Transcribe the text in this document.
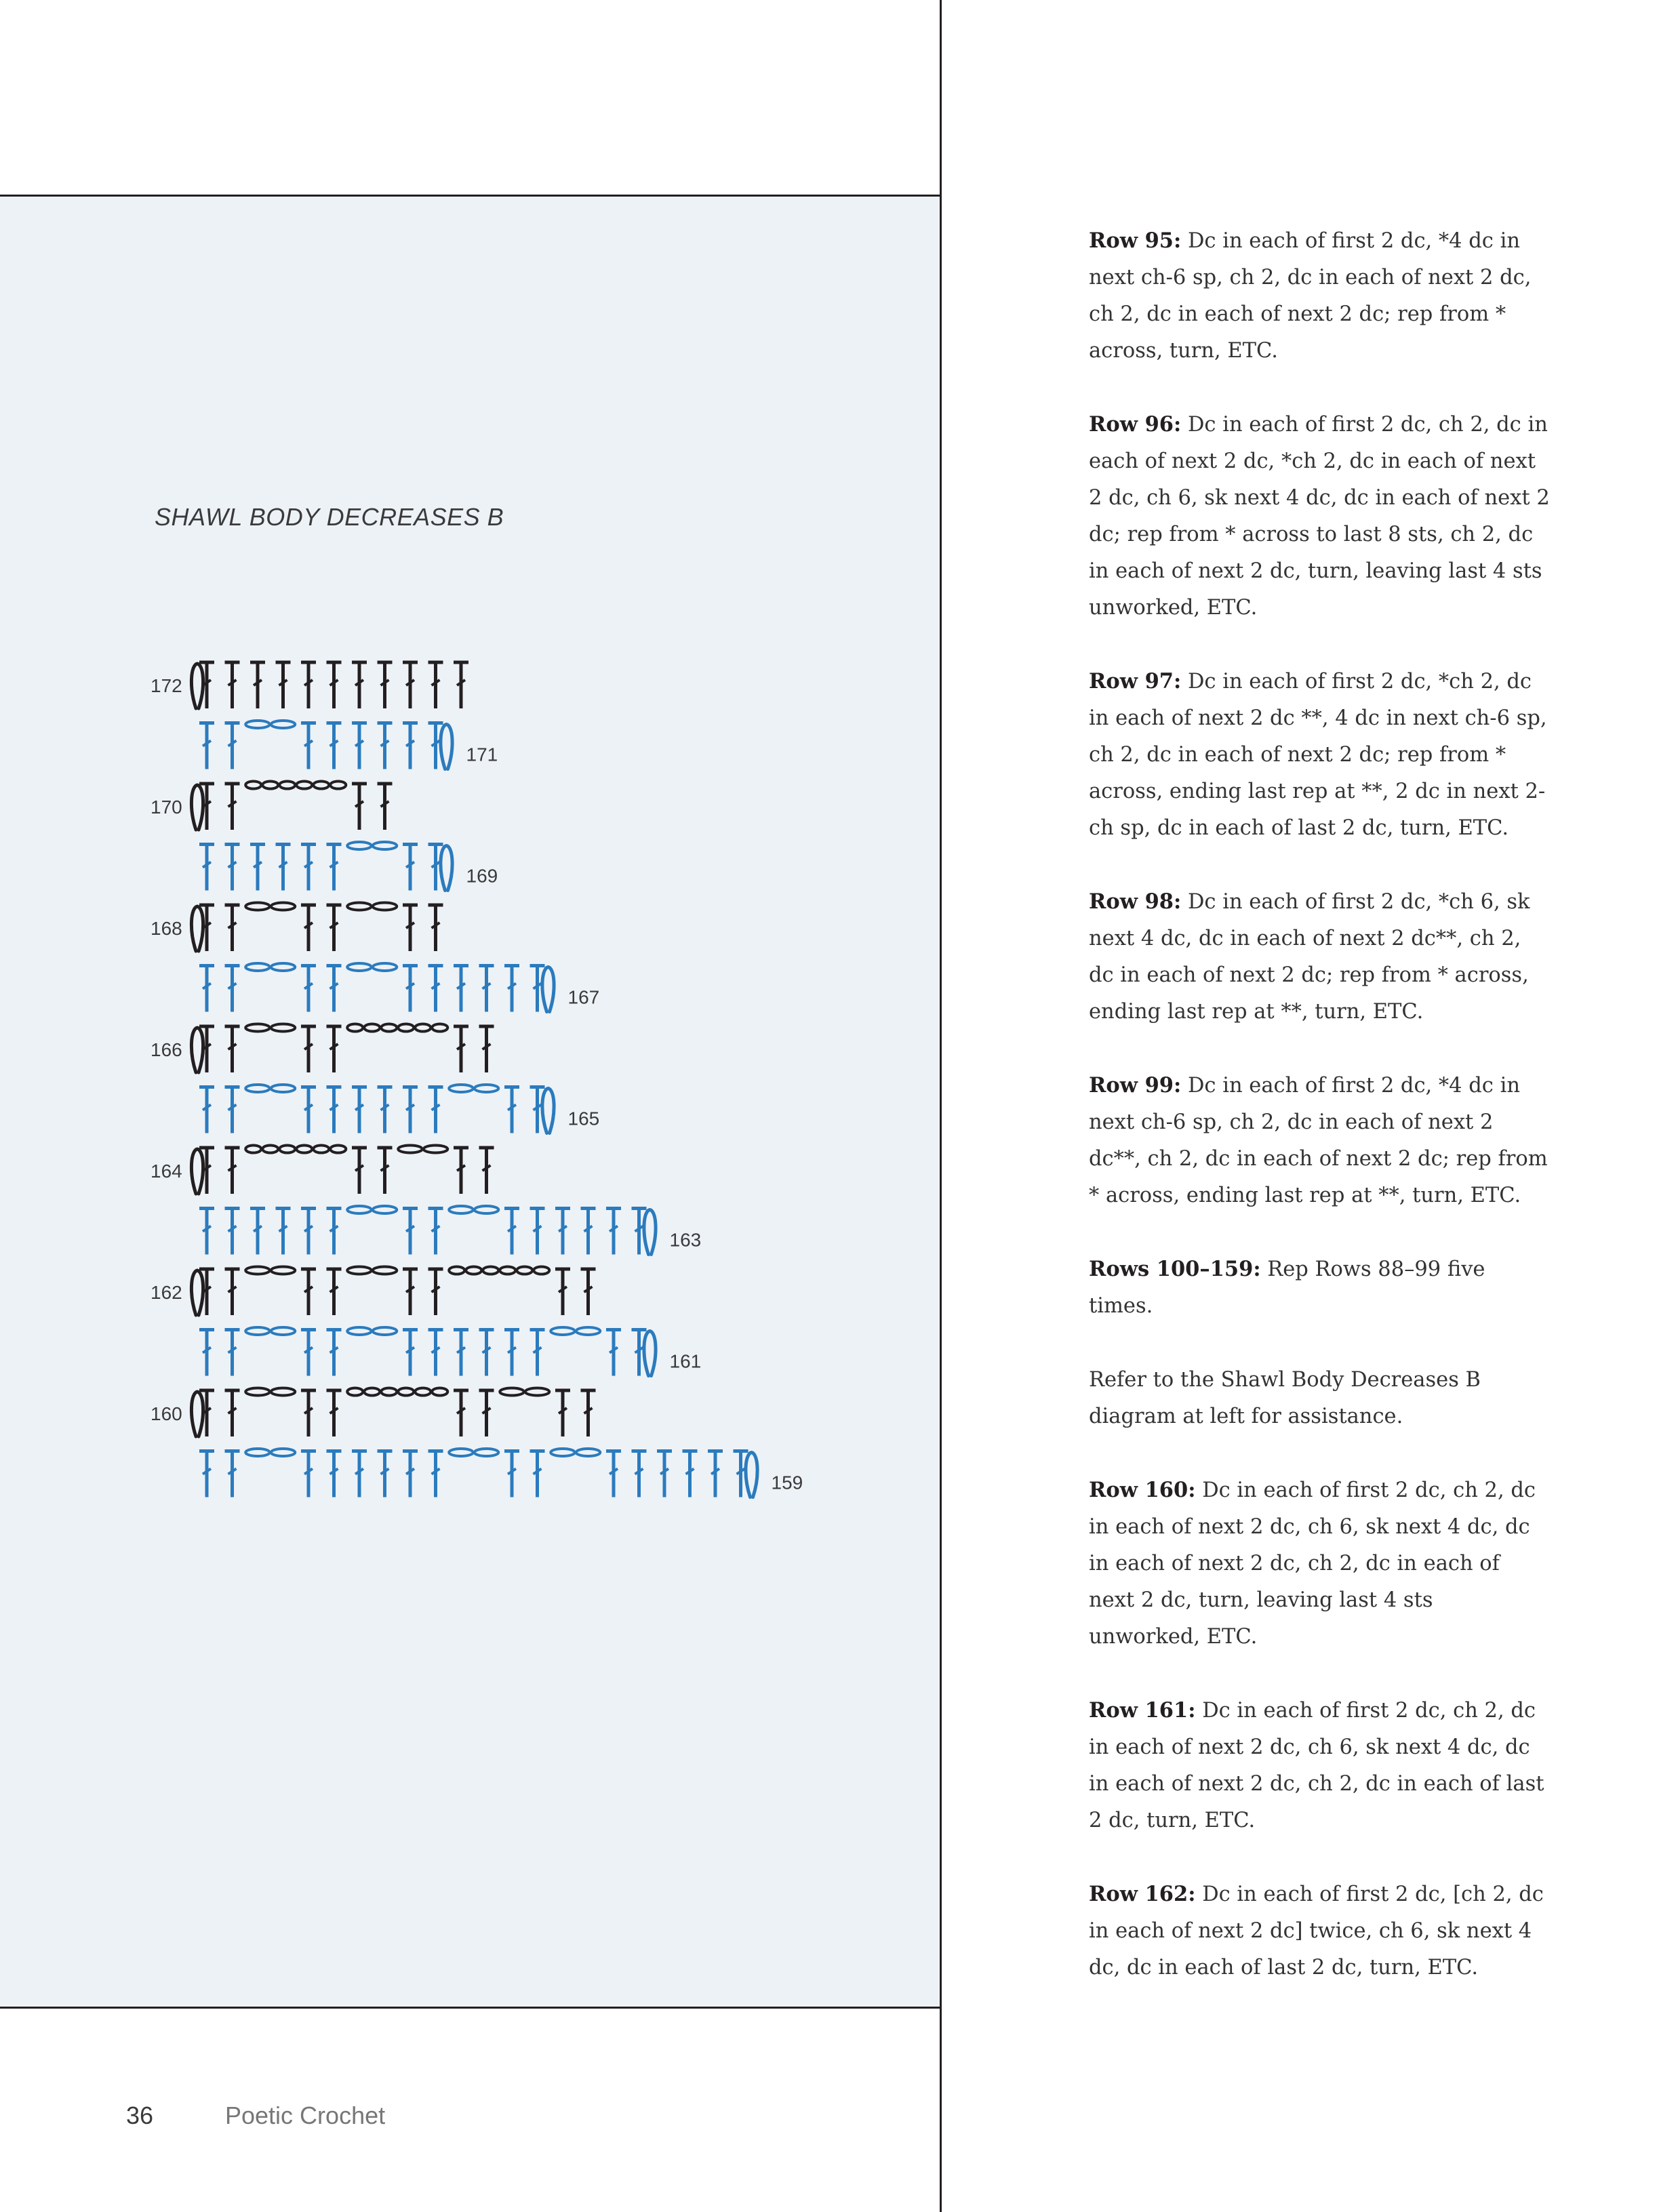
SHAWL BODY DECREASES B
172
171
170
169
168
167
166
165
164
163
162
161
160
159

Row 95: Dc in each of first 2 dc, *4 dc in next ch-6 sp, ch 2, dc in each of next 2 dc, ch 2, dc in each of next 2 dc; rep from * across, turn, ETC.

Row 96: Dc in each of first 2 dc, ch 2, dc in each of next 2 dc, *ch 2, dc in each of next 2 dc, ch 6, sk next 4 dc, dc in each of next 2 dc; rep from * across to last 8 sts, ch 2, dc in each of next 2 dc, turn, leaving last 4 sts unworked, ETC.

Row 97: Dc in each of first 2 dc, *ch 2, dc in each of next 2 dc **, 4 dc in next ch-6 sp, ch 2, dc in each of next 2 dc; rep from * across, ending last rep at **, 2 dc in next 2-ch sp, dc in each of last 2 dc, turn, ETC.

Row 98: Dc in each of first 2 dc, *ch 6, sk next 4 dc, dc in each of next 2 dc**, ch 2, dc in each of next 2 dc; rep from * across, ending last rep at **, turn, ETC.

Row 99: Dc in each of first 2 dc, *4 dc in next ch-6 sp, ch 2, dc in each of next 2 dc**, ch 2, dc in each of next 2 dc; rep from * across, ending last rep at **, turn, ETC.

Rows 100–159: Rep Rows 88–99 five times.

Refer to the Shawl Body Decreases B diagram at left for assistance.

Row 160: Dc in each of first 2 dc, ch 2, dc in each of next 2 dc, ch 6, sk next 4 dc, dc in each of next 2 dc, ch 2, dc in each of next 2 dc, turn, leaving last 4 sts unworked, ETC.

Row 161: Dc in each of first 2 dc, ch 2, dc in each of next 2 dc, ch 6, sk next 4 dc, dc in each of next 2 dc, ch 2, dc in each of last 2 dc, turn, ETC.

Row 162: Dc in each of first 2 dc, [ch 2, dc in each of next 2 dc] twice, ch 6, sk next 4 dc, dc in each of last 2 dc, turn, ETC.

36	Poetic Crochet
